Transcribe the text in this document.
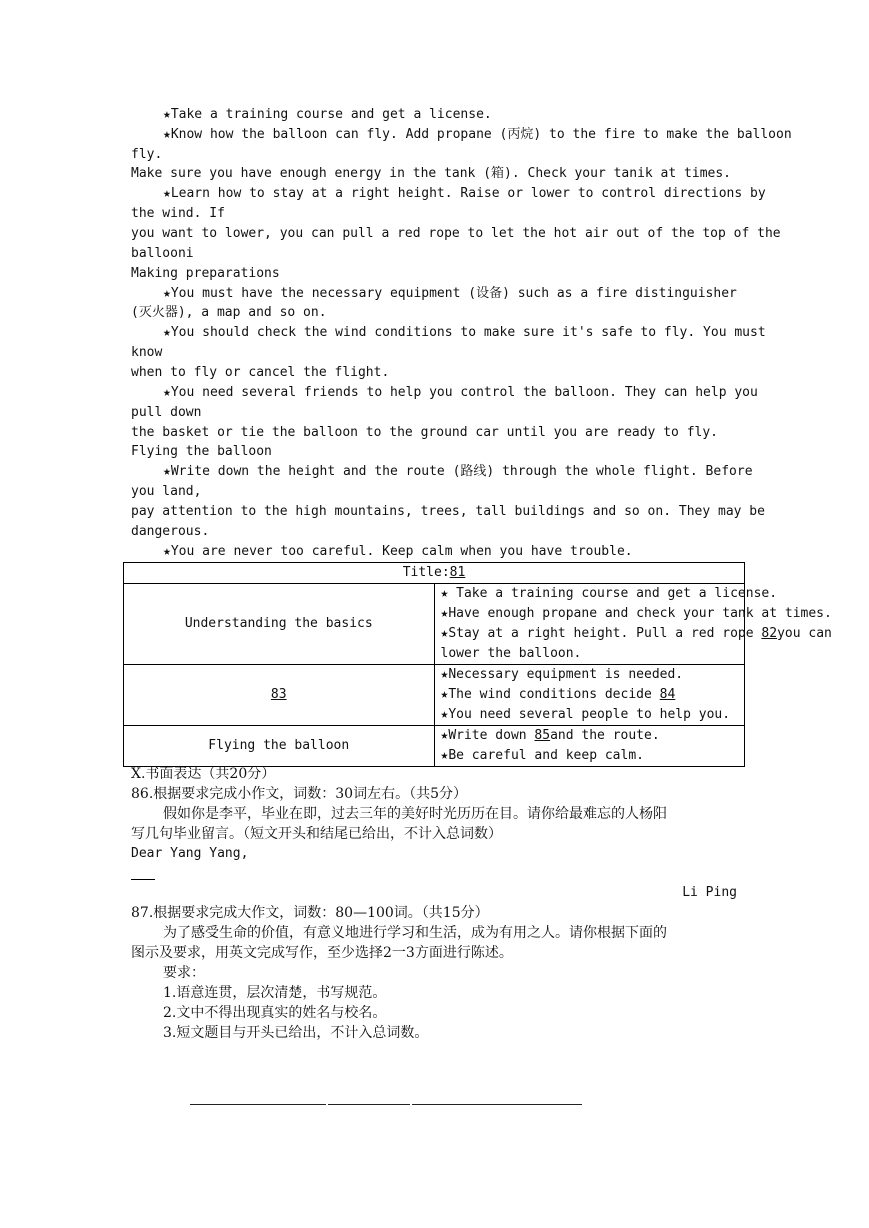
★Take a training course and get a license.
★Know how the balloon can fly. Add propane (丙烷) to the fire to make the balloon
fly.
Make sure you have enough energy in the tank (箱). Check your tanik at times.
★Learn how to stay at a right height. Raise or lower to control directions by
the wind. If
you want to lower, you can pull a red rope to let the hot air out of the top of the
ballooni
Making preparations
★You must have the necessary equipment (设备) such as a fire distinguisher
(灭火器), a map and so on.
★You should check the wind conditions to make sure it's safe to fly. You must
know
when to fly or cancel the flight.
★You need several friends to help you control the balloon. They can help you
pull down
the basket or tie the balloon to the ground car until you are ready to fly.
Flying the balloon
★Write down the height and the route (路线) through the whole flight. Before
you land,
pay attention to the high mountains, trees, tall buildings and so on. They may be
dangerous.
★You are never too careful. Keep calm when you have trouble.
Title:81	
Understanding the basics	★ Take a training course and get a license.
★Have enough propane and check your tank at times.
★Stay at a right height. Pull a red rope 82you can
lower the balloon.

83	★Necessary equipment is needed.
★The wind conditions decide 84
★You need several people to help you.

Flying the balloon	★Write down 85and the route.
★Be careful and keep calm.
X.书面表达（共20分）
86.根据要求完成小作文，词数：30词左右。（共5分）
假如你是李平，毕业在即，过去三年的美好时光历历在目。请你给最难忘的人杨阳
写几句毕业留言。（短文开头和结尾已给出，不计入总词数）
Dear Yang Yang,
Li Ping
87.根据要求完成大作文，词数：80—100词。（共15分）
为了感受生命的价值，有意义地进行学习和生活，成为有用之人。请你根据下面的
图示及要求，用英文完成写作，至少选择2一3方面进行陈述。
要求：
1.语意连贯，层次清楚，书写规范。
2.文中不得出现真实的姓名与校名。
3.短文题目与开头已给出，不计入总词数。
